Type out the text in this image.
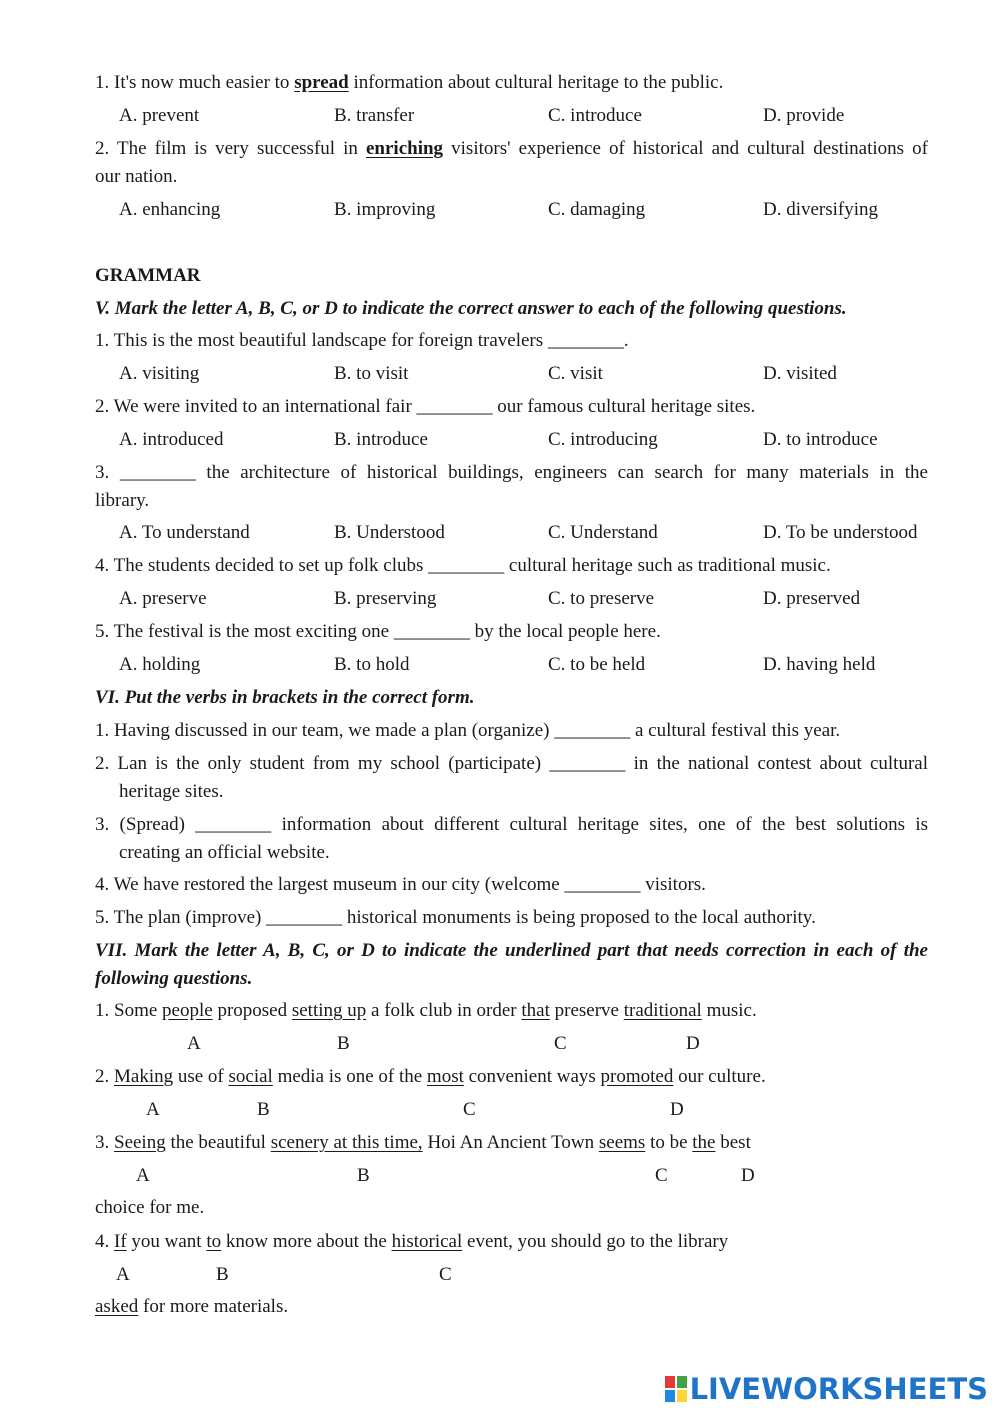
1. It's now much easier to spread information about cultural heritage to the public.
A. prevent	B. transfer	C. introduce	D. provide
2. The film is very successful in enriching visitors' experience of historical and cultural destinations of
our nation.
A. enhancing	B. improving	C. damaging	D. diversifying
GRAMMAR
V. Mark the letter A, B, C, or D to indicate the correct answer to each of the following questions.
1. This is the most beautiful landscape for foreign travelers ________.
A. visiting	B. to visit	C. visit	D. visited
2. We were invited to an international fair ________ our famous cultural heritage sites.
A. introduced	B. introduce	C. introducing	D. to introduce
3. ________ the architecture of historical buildings, engineers can search for many materials in the
library.
A. To understand	B. Understood	C. Understand	D. To be understood
4. The students decided to set up folk clubs ________ cultural heritage such as traditional music.
A. preserve	B. preserving	C. to preserve	D. preserved
5. The festival is the most exciting one ________ by the local people here.
A. holding	B. to hold	C. to be held	D. having held
VI. Put the verbs in brackets in the correct form.
1. Having discussed in our team, we made a plan (organize) ________ a cultural festival this year.
2. Lan is the only student from my school (participate) ________ in the national contest about cultural
heritage sites.
3. (Spread) ________ information about different cultural heritage sites, one of the best solutions is
creating an official website.
4. We have restored the largest museum in our city (welcome ________ visitors.
5. The plan (improve) ________ historical monuments is being proposed to the local authority.
VII. Mark the letter A, B, C, or D to indicate the underlined part that needs correction in each of the
following questions.
1. Some people proposed setting up a folk club in order that preserve traditional music.
A	B	C	D
2. Making use of social media is one of the most convenient ways promoted our culture.
A	B	C	D
3. Seeing the beautiful scenery at this time, Hoi An Ancient Town seems to be the best
A	B	C	D
choice for me.
4. If you want to know more about the historical event, you should go to the library
A	B	C
asked for more materials.
LIVEWORKSHEETS
